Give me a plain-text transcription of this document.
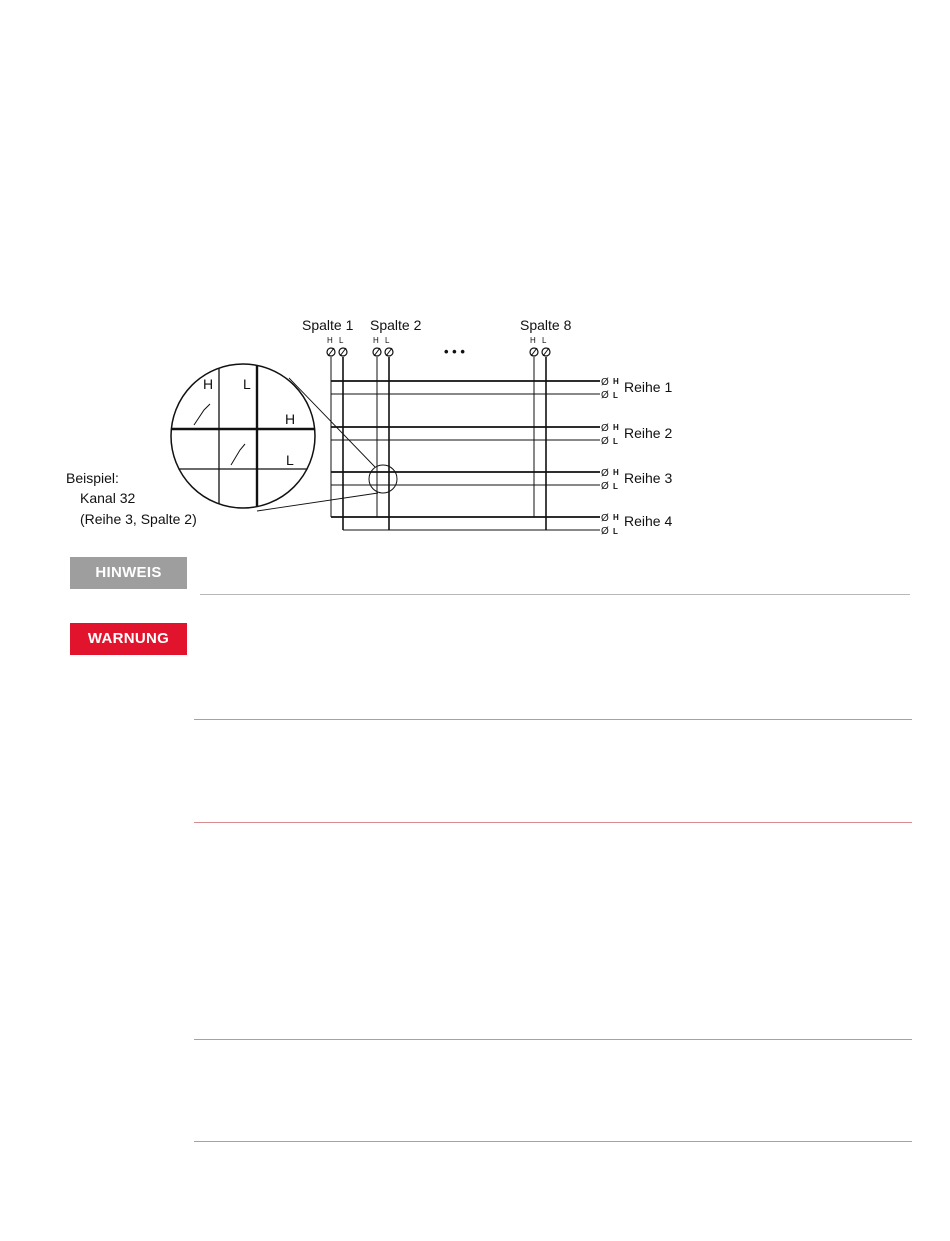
Spalte 1 Spalte 2	Spalte 8
H L	H L	H L
• • •
Ø
Ø
Ø
Ø
Ø
Ø
Ø
Ø
H
L
H
L
H
L
H
L
Reihe 1
Reihe 2
Reihe 3
Reihe 4
H L
H
L
Beispiel:
Kanal 32
(Reihe 3, Spalte 2)
HINWEIS
WARNUNG
